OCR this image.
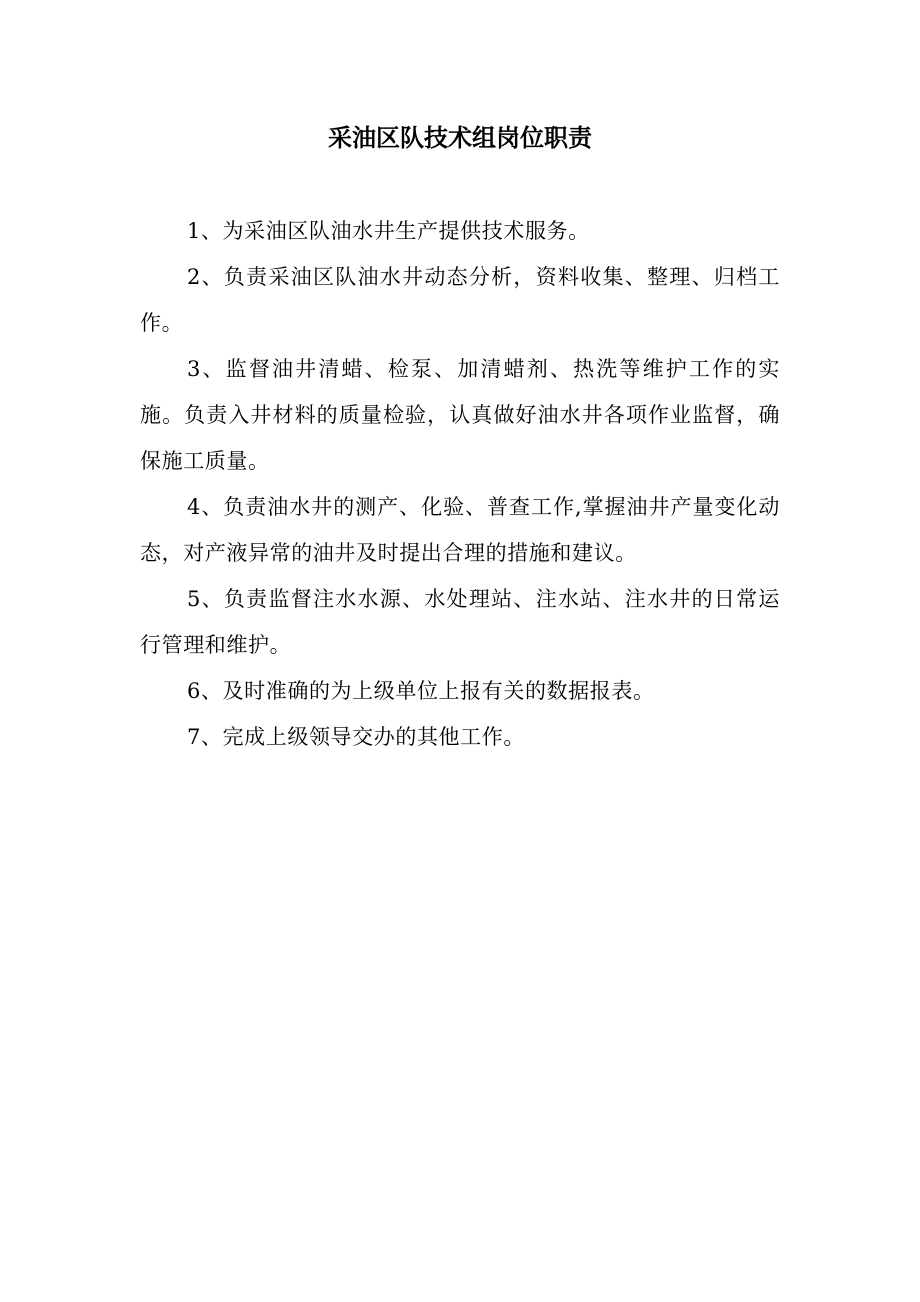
采油区队技术组岗位职责

1、为采油区队油水井生产提供技术服务。

2、负责采油区队油水井动态分析，资料收集、整理、归档工作。

3、监督油井清蜡、检泵、加清蜡剂、热洗等维护工作的实施。负责入井材料的质量检验，认真做好油水井各项作业监督，确保施工质量。

4、负责油水井的测产、化验、普查工作,掌握油井产量变化动态，对产液异常的油井及时提出合理的措施和建议。

5、负责监督注水水源、水处理站、注水站、注水井的日常运行管理和维护。

6、及时准确的为上级单位上报有关的数据报表。

7、完成上级领导交办的其他工作。
